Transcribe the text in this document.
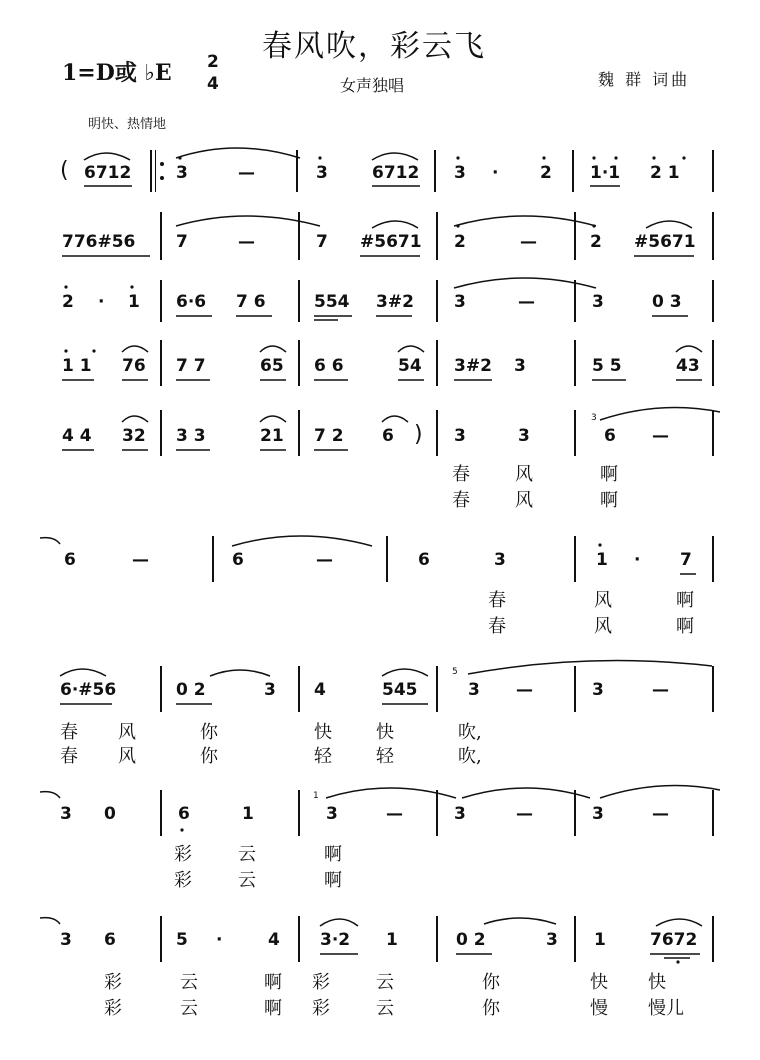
春风吹，彩云飞
1=D或 ♭E 2
4	女声独唱	魏 群 词曲
明快、热情地
( 6712	3	—	3	6712 3 · 2 1·1 2 1
776#56 7	—	7 #5671 2	—	2 #5671
2 · 1 6·6 7 6	554 3#2 3	—	3	0 3
1 1 76 7 7	65 6 6	54 3#2 3	5 5	43
4 4 32 3 3	21 7 2 6 ) 3	3	6 —
3
春	风	啊
春	风	啊
6	—	6	—	6	3	1 · 7
春	风	啊
春	风	啊
6·#56	0 2	3 4	545	3 —	3	—
5
春 风	你	快 快	吹,
春 风	你	轻 轻	吹,
3 0	6	1	3	—	3	—	3	—
1
彩	云	啊
彩	云	啊
3 6	5 ·	4 3·2 1	0 2	3 1	7672
彩	云	啊 彩	云	你	快 快
彩	云	啊 彩	云	你	慢 慢儿
